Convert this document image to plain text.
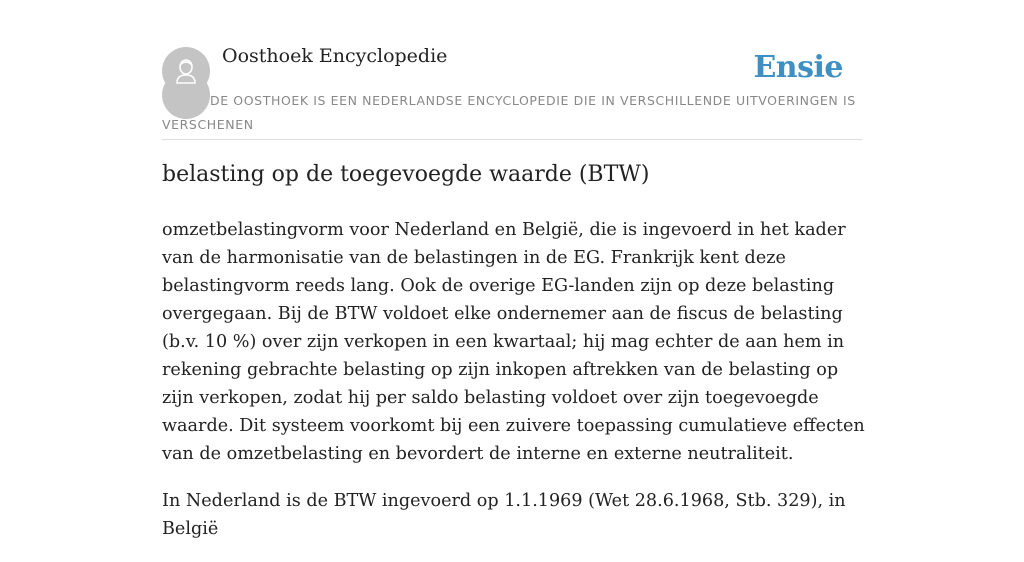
Oosthoek Encyclopedie	Ensie
DE OOSTHOEK IS EEN NEDERLANDSE ENCYCLOPEDIE DIE IN VERSCHILLENDE UITVOERINGEN IS VERSCHENEN
belasting op de toegevoegde waarde (BTW)

omzetbelastingvorm voor Nederland en België, die is ingevoerd in het kader van de harmonisatie van de belastingen in de EG. Frankrijk kent deze belastingvorm reeds lang. Ook de overige EG-landen zijn op deze belasting overgegaan. Bij de BTW voldoet elke ondernemer aan de fiscus de belasting (b.v. 10 %) over zijn verkopen in een kwartaal; hij mag echter de aan hem in rekening gebrachte belasting op zijn inkopen aftrekken van de belasting op zijn verkopen, zodat hij per saldo belasting voldoet over zijn toegevoegde waarde. Dit systeem voorkomt bij een zuivere toepassing cumulatieve effecten van de omzetbelasting en bevordert de interne en externe neutraliteit.

In Nederland is de BTW ingevoerd op 1.1.1969 (Wet 28.6.1968, Stb. 329), in België
